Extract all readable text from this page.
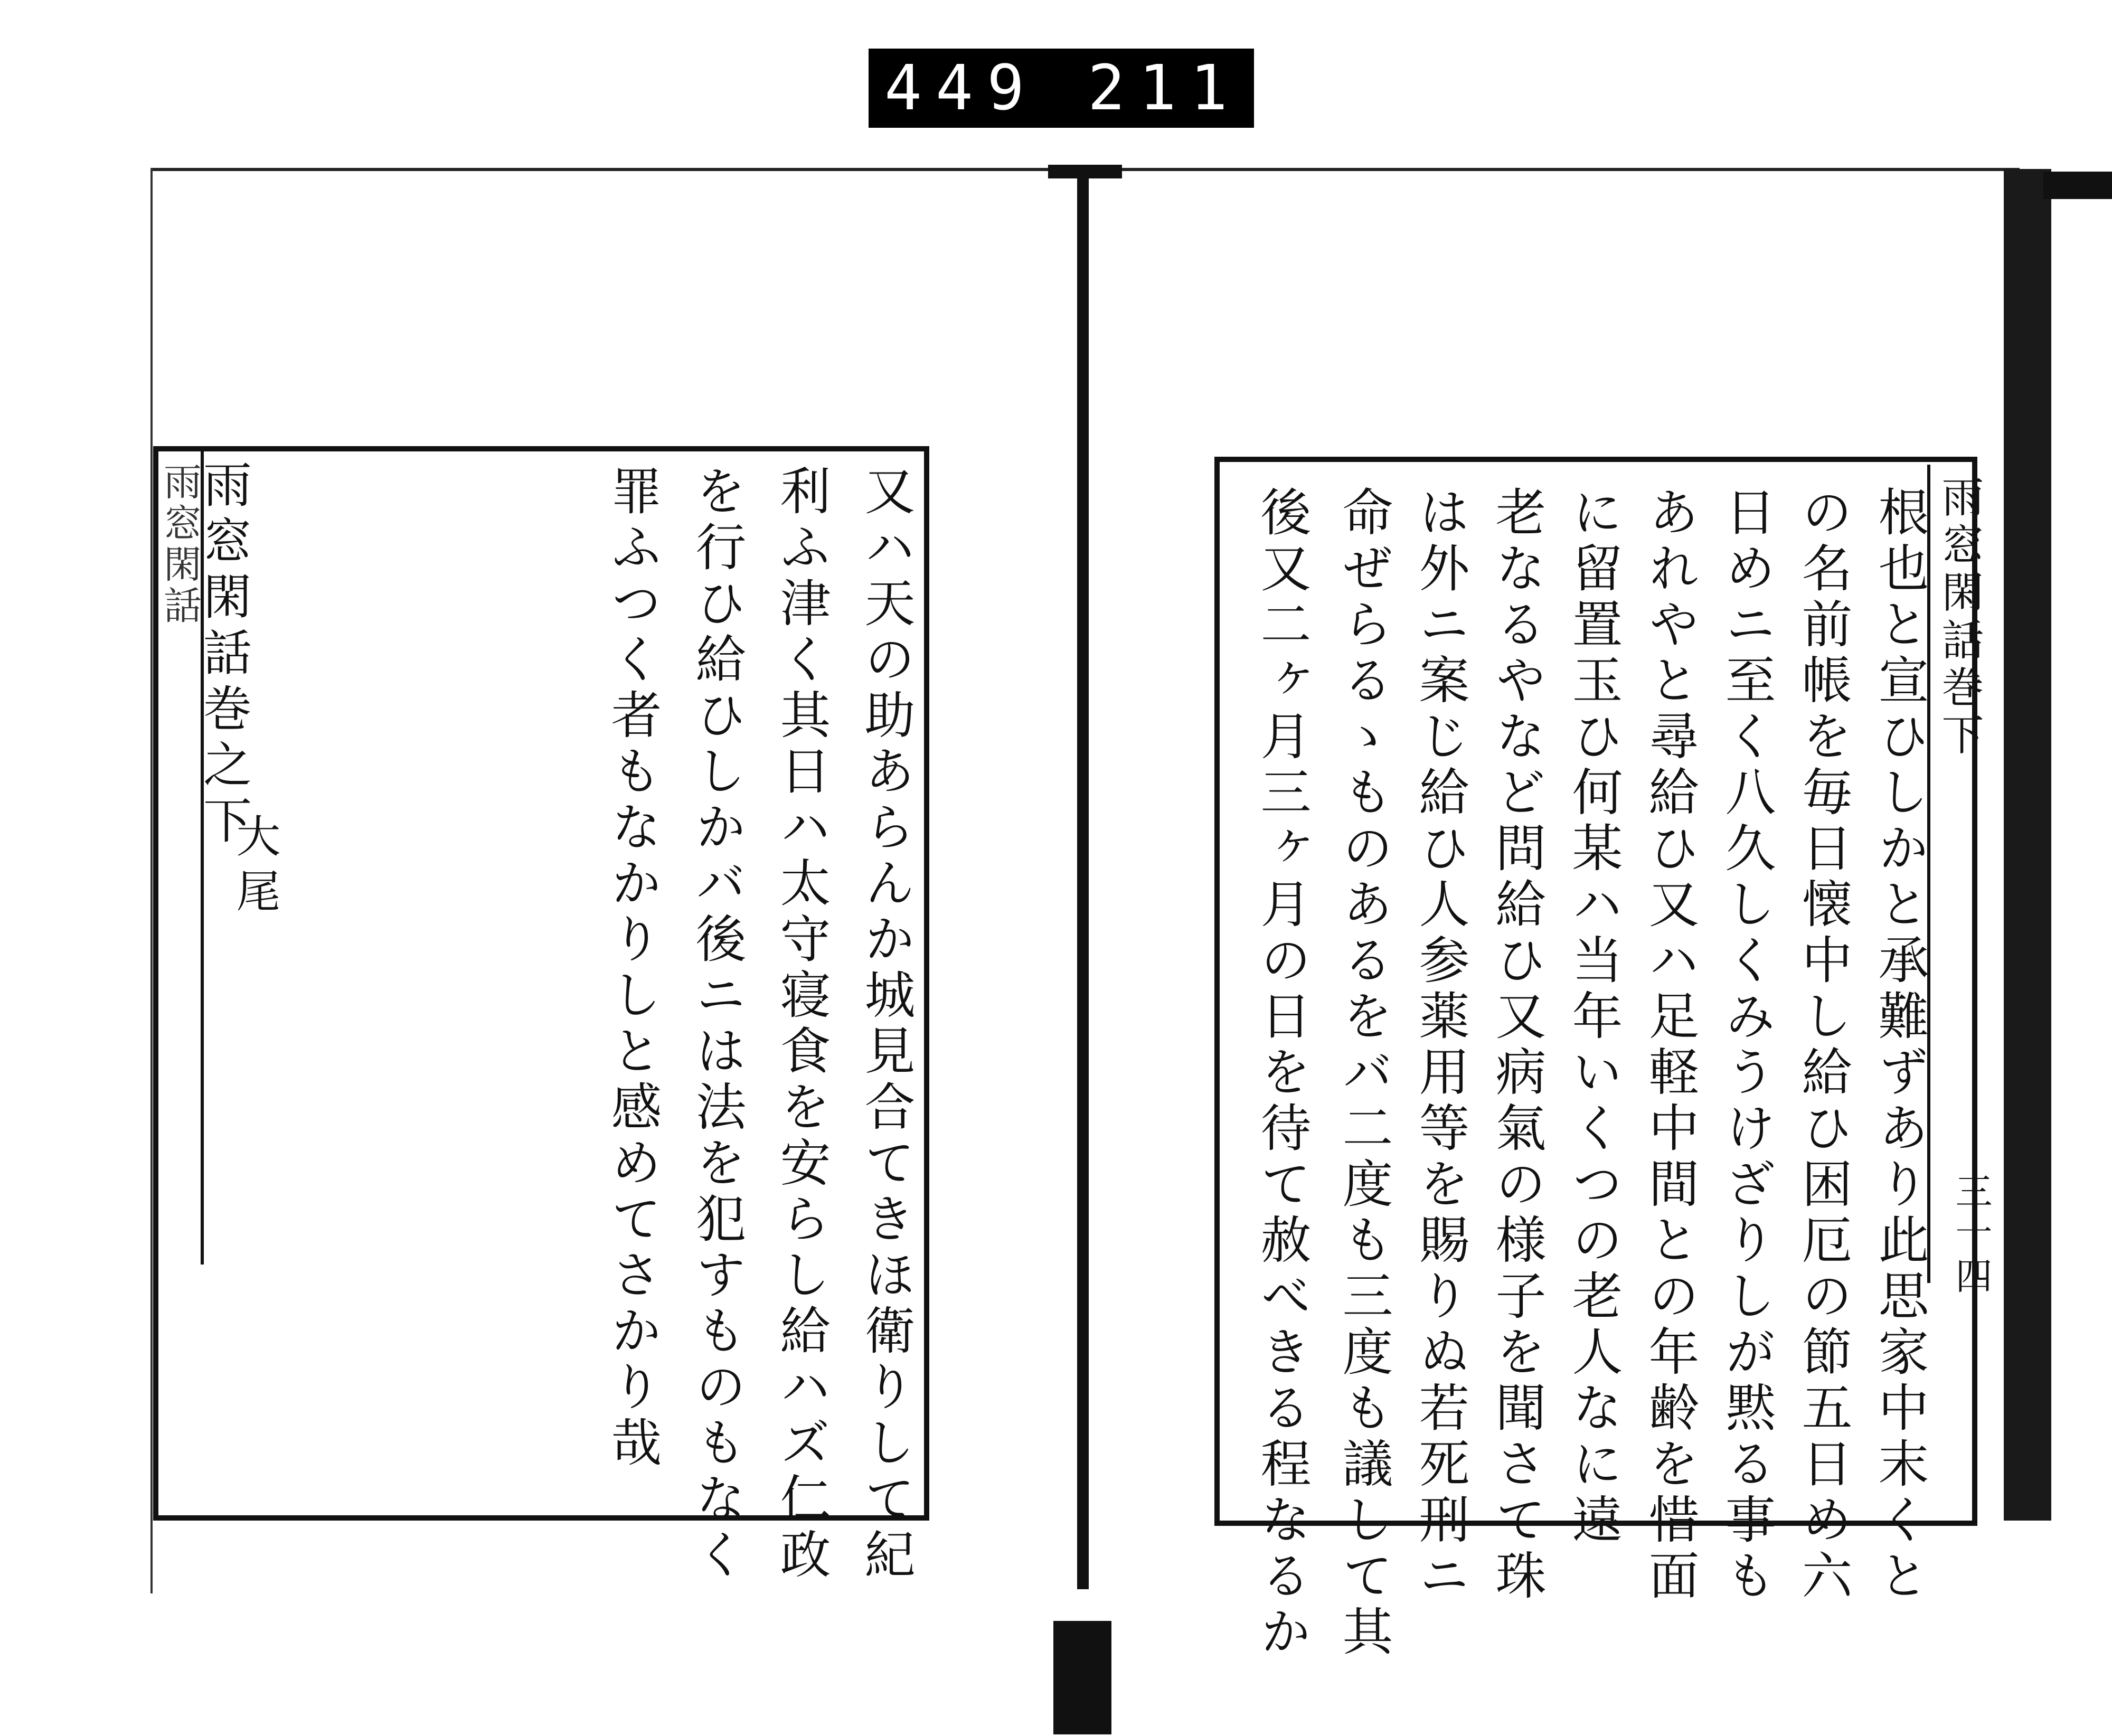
449 211
雨窓閑話
雨窓閑話巻之下
大尾	又ハ天の助あらんか城見合てきほ衛りして紀
利ふ津く其日ハ太守寝食を安らし給ハズ仁政
を行ひ給ひしかバ後ニは法を犯すものもなく
罪ふつく者もなかりしと感めてさかり哉	雨窓閑話巻下
三十四
根也と宣ひしかと承難ずあり此思家中末くと
の名前帳を毎日懐中し給ひ困厄の節五日め六
日めニ至く八久しくみうけざりしが黙る事も
あれやと尋給ひ又ハ足軽中間との年齢を惜面
に留置玉ひ何某ハ当年いくつの老人なに遠
老なるやなど問給ひ又病氣の様子を聞さて珠
は外ニ案じ給ひ人参薬用等を賜りぬ若死刑ニ
命ぜらるゝものあるをバ二度も三度も議して其
後又二ヶ月三ヶ月の日を待て赦べきる程なるか
